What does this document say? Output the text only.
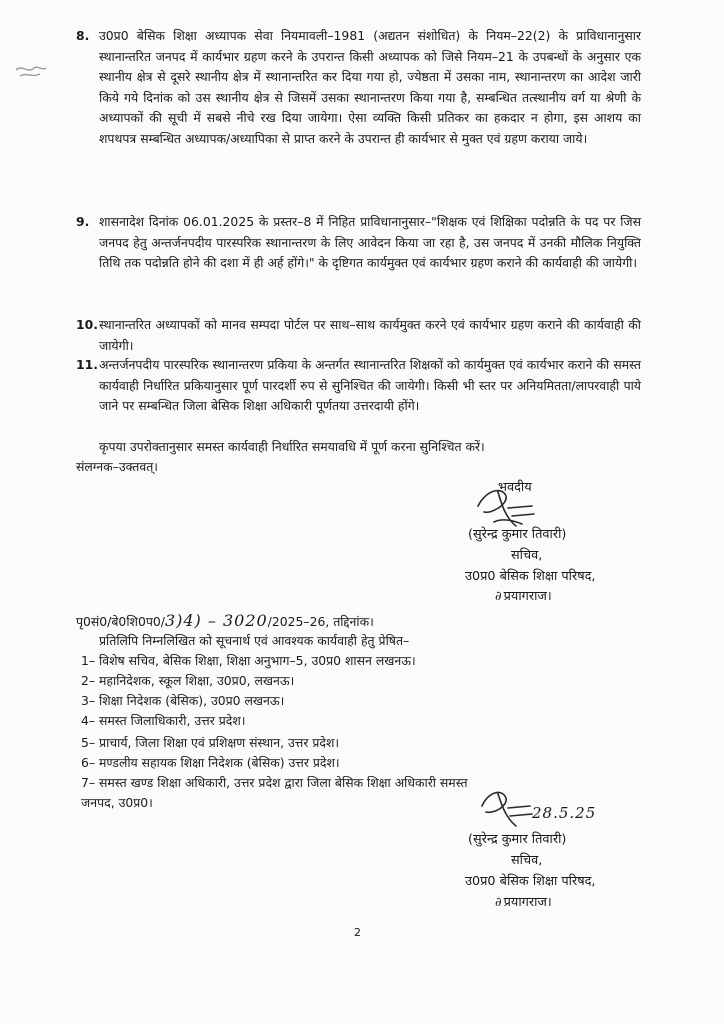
8. उ0प्र0 बेसिक शिक्षा अध्यापक सेवा नियमावली–1981 (अद्यतन संशोधित) के नियम–22(2) के प्राविधानानुसार स्थानान्तरित जनपद में कार्यभार ग्रहण करने के उपरान्त किसी अध्यापक को जिसे नियम–21 के उपबन्धों के अनुसार एक स्थानीय क्षेत्र से दूसरे स्थानीय क्षेत्र में स्थानान्तरित कर दिया गया हो, ज्येष्ठता में उसका नाम, स्थानान्तरण का आदेश जारी किये गये दिनांक को उस स्थानीय क्षेत्र से जिसमें उसका स्थानान्तरण किया गया है, सम्बन्धित तत्स्थानीय वर्ग या श्रेणी के अध्यापकों की सूची में सबसे नीचे रख दिया जायेगा। ऐसा व्यक्ति किसी प्रतिकर का हकदार न होगा, इस आशय का शपथपत्र सम्बन्धित अध्यापक/अध्यापिका से प्राप्त करने के उपरान्त ही कार्यभार से मुक्त एवं ग्रहण कराया जाये।
9. शासनादेश दिनांक 06.01.2025 के प्रस्तर–8 में निहित प्राविधानानुसार–"शिक्षक एवं शिक्षिका पदोन्नति के पद पर जिस जनपद हेतु अन्तर्जनपदीय पारस्परिक स्थानान्तरण के लिए आवेदन किया जा रहा है, उस जनपद में उनकी मौलिक नियुक्ति तिथि तक पदोन्नति होने की दशा में ही अर्ह होंगे।" के दृष्टिगत कार्यमुक्त एवं कार्यभार ग्रहण कराने की कार्यवाही की जायेगी।
10. स्थानान्तरित अध्यापकों को मानव सम्पदा पोर्टल पर साथ–साथ कार्यमुक्त करने एवं कार्यभार ग्रहण कराने की कार्यवाही की जायेगी।
11. अन्तर्जनपदीय पारस्परिक स्थानान्तरण प्रकिया के अन्तर्गत स्थानान्तरित शिक्षकों को कार्यमुक्त एवं कार्यभार कराने की समस्त कार्यवाही निर्धारित प्रकियानुसार पूर्ण पारदर्शी रुप से सुनिश्चित की जायेगी। किसी भी स्तर पर अनियमितता/लापरवाही पाये जाने पर सम्बन्धित जिला बेसिक शिक्षा अधिकारी पूर्णतया उत्तरदायी होंगे।
कृपया उपरोक्तानुसार समस्त कार्यवाही निर्धारित समयावधि में पूर्ण करना सुनिश्चित करें।
संलग्नक–उक्तवत्।
भवदीय
(सुरेन्द्र कुमार तिवारी)
सचिव,
उ0प्र0 बेसिक शिक्षा परिषद,
∂ प्रयागराज।
पृ0सं0/बे0शि0प0/3)4) – 3020/2025–26, तद्दिनांक।
प्रतिलिपि निम्नलिखित को सूचनार्थ एवं आवश्यक कार्यवाही हेतु प्रेषित–
1– विशेष सचिव, बेसिक शिक्षा, शिक्षा अनुभाग–5, उ0प्र0 शासन लखनऊ।
2– महानिदेशक, स्कूल शिक्षा, उ0प्र0, लखनऊ।
3– शिक्षा निदेशक (बेसिक), उ0प्र0 लखनऊ।
4– समस्त जिलाधिकारी, उत्तर प्रदेश।
5– प्राचार्य, जिला शिक्षा एवं प्रशिक्षण संस्थान, उत्तर प्रदेश।
6– मण्डलीय सहायक शिक्षा निदेशक (बेसिक) उत्तर प्रदेश।
7– समस्त खण्ड शिक्षा अधिकारी, उत्तर प्रदेश द्वारा जिला बेसिक शिक्षा अधिकारी समस्त
जनपद, उ0प्र0।
28.5.25
(सुरेन्द्र कुमार तिवारी)
सचिव,
उ0प्र0 बेसिक शिक्षा परिषद,
∂ प्रयागराज।
2
